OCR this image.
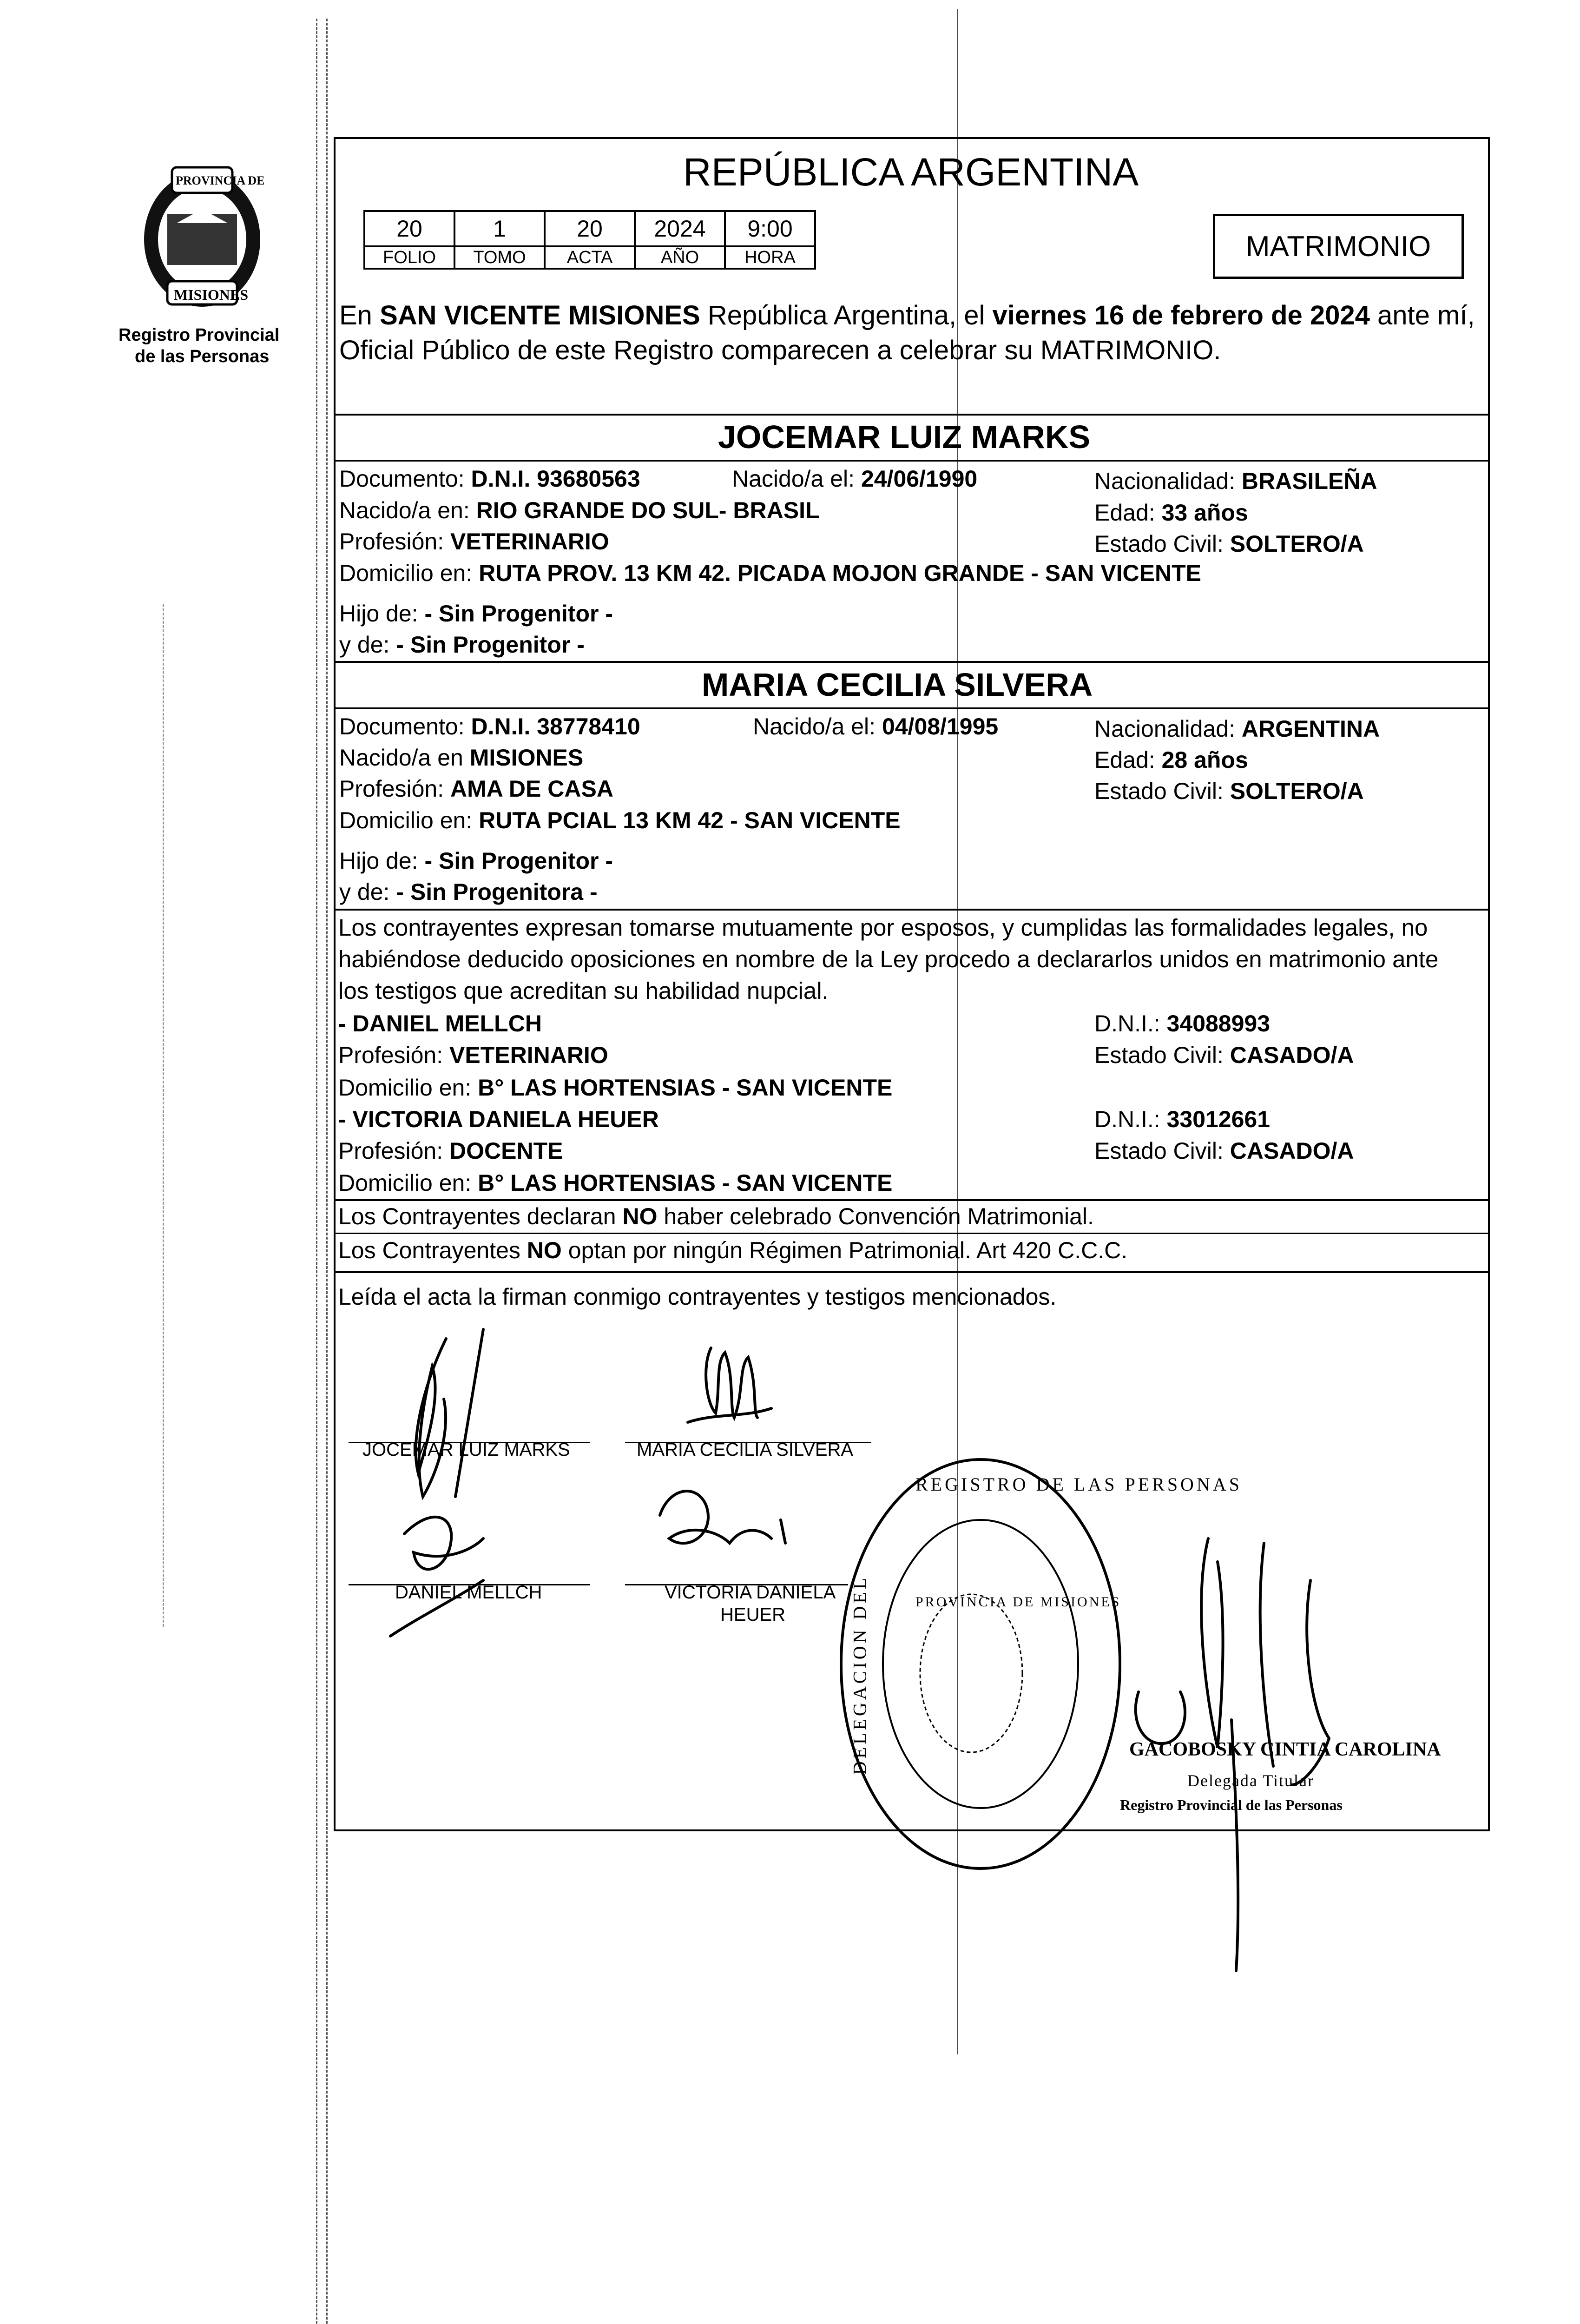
PROVINCIA DE
MISIONES
Registro Provincial
de las Personas
REPÚBLICA ARGENTINA
MATRIMONIO
20	1	20	2024	9:00
FOLIO	TOMO	ACTA	AÑO	HORA
En SAN VICENTE MISIONES República Argentina, el viernes 16 de febrero de 2024 ante mí,
Oficial Público de este Registro comparecen a celebrar su MATRIMONIO.
JOCEMAR LUIZ MARKS
Documento: D.N.I. 93680563	Nacido/a el: 24/06/1990	Nacionalidad: BRASILEÑA
Nacido/a en: RIO GRANDE DO SUL- BRASIL	Edad: 33 años
Profesión: VETERINARIO	Estado Civil: SOLTERO/A
Domicilio en: RUTA PROV. 13 KM 42. PICADA MOJON GRANDE - SAN VICENTE
Hijo de: - Sin Progenitor -
y de: - Sin Progenitor -
MARIA CECILIA SILVERA
Documento: D.N.I. 38778410	Nacido/a el: 04/08/1995	Nacionalidad: ARGENTINA
Nacido/a en MISIONES	Edad: 28 años
Profesión: AMA DE CASA	Estado Civil: SOLTERO/A
Domicilio en: RUTA PCIAL 13 KM 42 - SAN VICENTE
Hijo de: - Sin Progenitor -
y de: - Sin Progenitora -
Los contrayentes expresan tomarse mutuamente por esposos, y cumplidas las formalidades legales, no
habiéndose deducido oposiciones en nombre de la Ley procedo a declararlos unidos en matrimonio ante
los testigos que acreditan su habilidad nupcial.
- DANIEL MELLCH	D.N.I.: 34088993
Profesión: VETERINARIO	Estado Civil: CASADO/A
Domicilio en: B° LAS HORTENSIAS - SAN VICENTE
- VICTORIA DANIELA HEUER	D.N.I.: 33012661
Profesión: DOCENTE	Estado Civil: CASADO/A
Domicilio en: B° LAS HORTENSIAS - SAN VICENTE
Los Contrayentes declaran NO haber celebrado Convención Matrimonial.
Los Contrayentes NO optan por ningún Régimen Patrimonial. Art 420 C.C.C.
Leída el acta la firman conmigo contrayentes y testigos mencionados.
JOCEMAR LUIZ MARKS	MARIA CECILIA SILVERA
DANIEL MELLCH	VICTORIA DANIELA
HEUER
REGISTRO DE LAS PERSONAS
DELEGACION DEL	PROVINCIA DE MISIONES
GACOBOSKY CINTIA CAROLINA
Delegada Titular
Registro Provincial de las Personas
